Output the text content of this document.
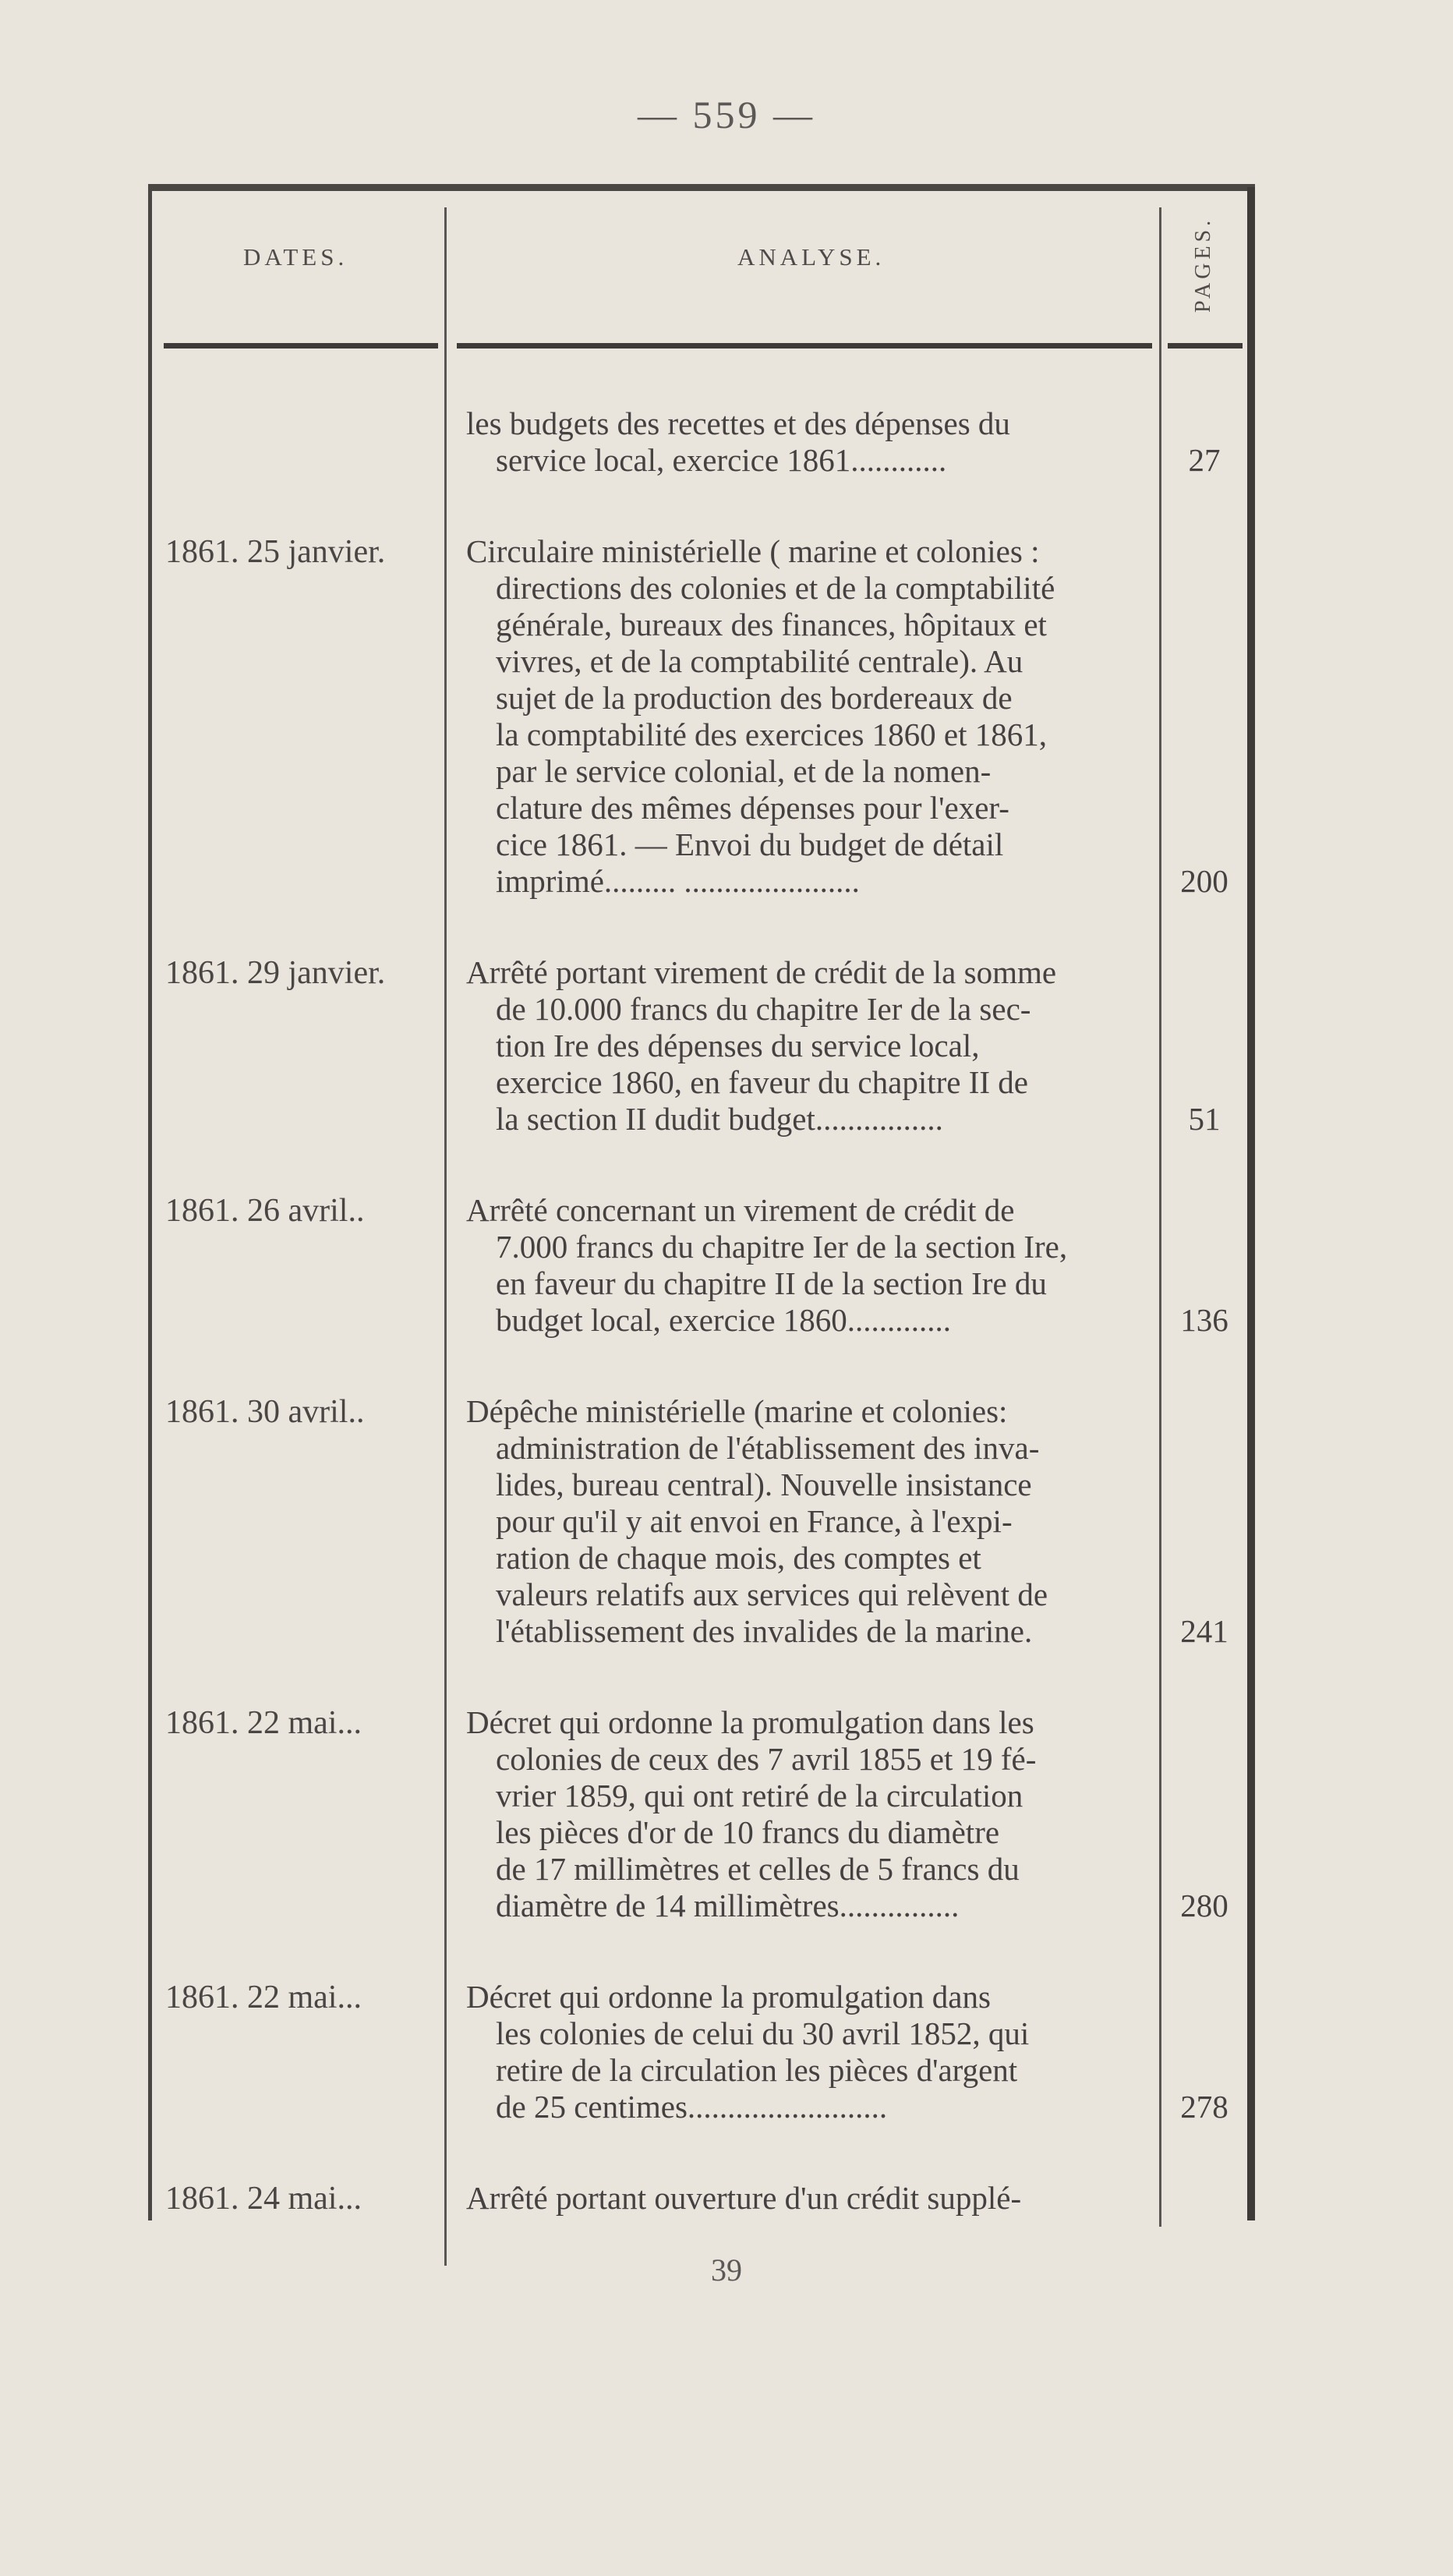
— 559 —
DATES.	ANALYSE.	PAGES.
les budgets des recettes et des dépenses du
service local, exercice 1861............	27
1861. 25 janvier.	Circulaire ministérielle ( marine et colonies :
directions des colonies et de la comptabilité
générale, bureaux des finances, hôpitaux et
vivres, et de la comptabilité centrale). Au
sujet de la production des bordereaux de
la comptabilité des exercices 1860 et 1861,
par le service colonial, et de la nomen-
clature des mêmes dépenses pour l'exer-
cice 1861. — Envoi du budget de détail
imprimé......... ......................	200
1861. 29 janvier.	Arrêté portant virement de crédit de la somme
de 10.000 francs du chapitre Ier de la sec-
tion Ire des dépenses du service local,
exercice 1860, en faveur du chapitre II de
la section II dudit budget................	51
1861. 26 avril..	Arrêté concernant un virement de crédit de
7.000 francs du chapitre Ier de la section Ire,
en faveur du chapitre II de la section Ire du
budget local, exercice 1860.............	136
1861. 30 avril..	Dépêche ministérielle (marine et colonies:
administration de l'établissement des inva-
lides, bureau central). Nouvelle insistance
pour qu'il y ait envoi en France, à l'expi-
ration de chaque mois, des comptes et
valeurs relatifs aux services qui relèvent de
l'établissement des invalides de la marine.	241
1861. 22 mai...	Décret qui ordonne la promulgation dans les
colonies de ceux des 7 avril 1855 et 19 fé-
vrier 1859, qui ont retiré de la circulation
les pièces d'or de 10 francs du diamètre
de 17 millimètres et celles de 5 francs du
diamètre de 14 millimètres...............	280
1861. 22 mai...	Décret qui ordonne la promulgation dans
les colonies de celui du 30 avril 1852, qui
retire de la circulation les pièces d'argent
de 25 centimes.........................	278
1861. 24 mai...	Arrêté portant ouverture d'un crédit supplé-
39
